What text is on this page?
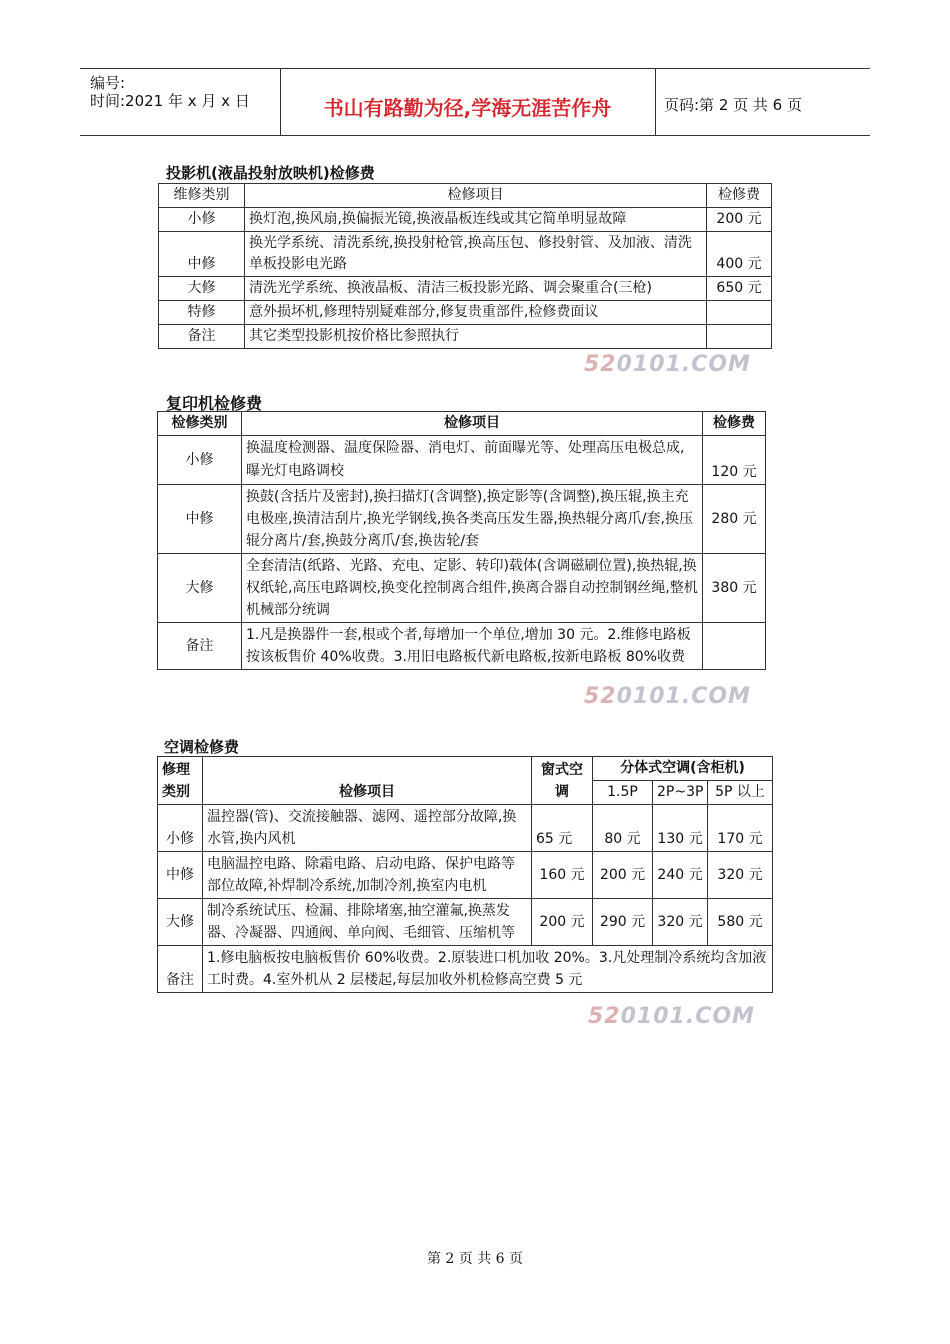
编号:
时间:2021 年 x 月 x 日	书山有路勤为径,学海无涯苦作舟	页码:第 2 页 共 6 页
投影机(液晶投射放映机)检修费
维修类别	检修项目	检修费
小修	换灯泡,换风扇,换偏振光镜,换液晶板连线或其它简单明显故障	200 元
中修	换光学系统、清洗系统,换投射枪管,换高压包、修投射管、及加液、清洗单板投影电光路	400 元
大修	清洗光学系统、换液晶板、清洁三板投影光路、调会聚重合(三枪)	650 元
特修	意外损坏机,修理特别疑难部分,修复贵重部件,检修费面议	
备注	其它类型投影机按价格比参照执行	
520101.COM
复印机检修费
检修类别	检修项目	检修费
小修	换温度检测器、温度保险器、消电灯、前面曝光等、处理高压电极总成,曝光灯电路调校	120 元
中修	换鼓(含括片及密封),换扫描灯(含调整),换定影等(含调整),换压辊,换主充电极座,换清洁刮片,换光学钢线,换各类高压发生器,换热辊分离爪/套,换压辊分离片/套,换鼓分离爪/套,换齿轮/套	280 元
大修	全套清洁(纸路、光路、充电、定影、转印)载体(含调磁刷位置),换热辊,换权纸轮,高压电路调校,换变化控制离合组件,换离合器自动控制钢丝绳,整机机械部分统调	380 元
备注	1.凡是换器件一套,根或个者,每增加一个单位,增加 30 元。2.维修电路板按该板售价 40%收费。3.用旧电路板代新电路板,按新电路板 80%收费	
520101.COM
空调检修费
修理类别	检修项目	窗式空调	分体式空调(含柜机)		
			1.5P	2P~3P	5P 以上
小修	温控器(管)、交流接触器、滤网、遥控部分故障,换水管,换内风机	65 元	80 元	130 元	170 元
中修	电脑温控电路、除霜电路、启动电路、保护电路等部位故障,补焊制冷系统,加制冷剂,换室内电机	160 元	200 元	240 元	320 元
大修	制冷系统试压、检漏、排除堵塞,抽空灌氟,换蒸发器、冷凝器、四通阀、单向阀、毛细管、压缩机等	200 元	290 元	320 元	580 元
备注	1.修电脑板按电脑板售价 60%收费。2.原装进口机加收 20%。3.凡处理制冷系统均含加液工时费。4.室外机从 2 层楼起,每层加收外机检修高空费 5 元				
520101.COM
第 2 页 共 6 页
